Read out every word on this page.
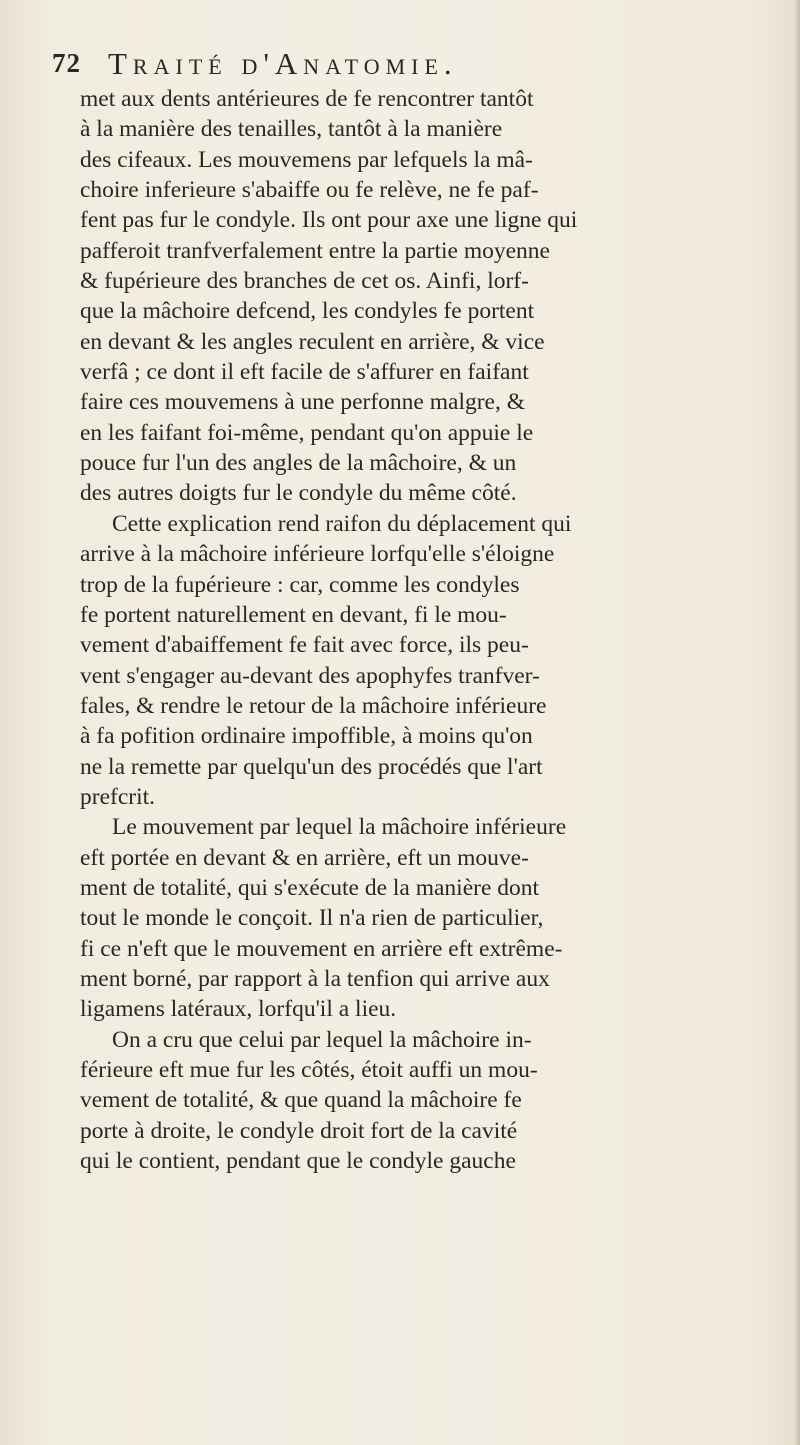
72 Traité d'Anatomie.
met aux dents antérieures de fe rencontrer tantôt
à la manière des tenailles, tantôt à la manière
des cifeaux. Les mouvemens par lefquels la mâ-
choire inferieure s'abaiffe ou fe relève, ne fe paf-
fent pas fur le condyle. Ils ont pour axe une ligne qui
pafferoit tranfverfalement entre la partie moyenne
& fupérieure des branches de cet os. Ainfi, lorf-
que la mâchoire defcend, les condyles fe portent
en devant & les angles reculent en arrière, & vice
verfâ ; ce dont il eft facile de s'affurer en faifant
faire ces mouvemens à une perfonne malgre, &
en les faifant foi-même, pendant qu'on appuie le
pouce fur l'un des angles de la mâchoire, & un
des autres doigts fur le condyle du même côté.
Cette explication rend raifon du déplacement qui
arrive à la mâchoire inférieure lorfqu'elle s'éloigne
trop de la fupérieure : car, comme les condyles
fe portent naturellement en devant, fi le mou-
vement d'abaiffement fe fait avec force, ils peu-
vent s'engager au-devant des apophyfes tranfver-
fales, & rendre le retour de la mâchoire inférieure
à fa pofition ordinaire impoffible, à moins qu'on
ne la remette par quelqu'un des procédés que l'art
prefcrit.
Le mouvement par lequel la mâchoire inférieure
eft portée en devant & en arrière, eft un mouve-
ment de totalité, qui s'exécute de la manière dont
tout le monde le conçoit. Il n'a rien de particulier,
fi ce n'eft que le mouvement en arrière eft extrême-
ment borné, par rapport à la tenfion qui arrive aux
ligamens latéraux, lorfqu'il a lieu.
On a cru que celui par lequel la mâchoire in-
férieure eft mue fur les côtés, étoit auffi un mou-
vement de totalité, & que quand la mâchoire fe
porte à droite, le condyle droit fort de la cavité
qui le contient, pendant que le condyle gauche
